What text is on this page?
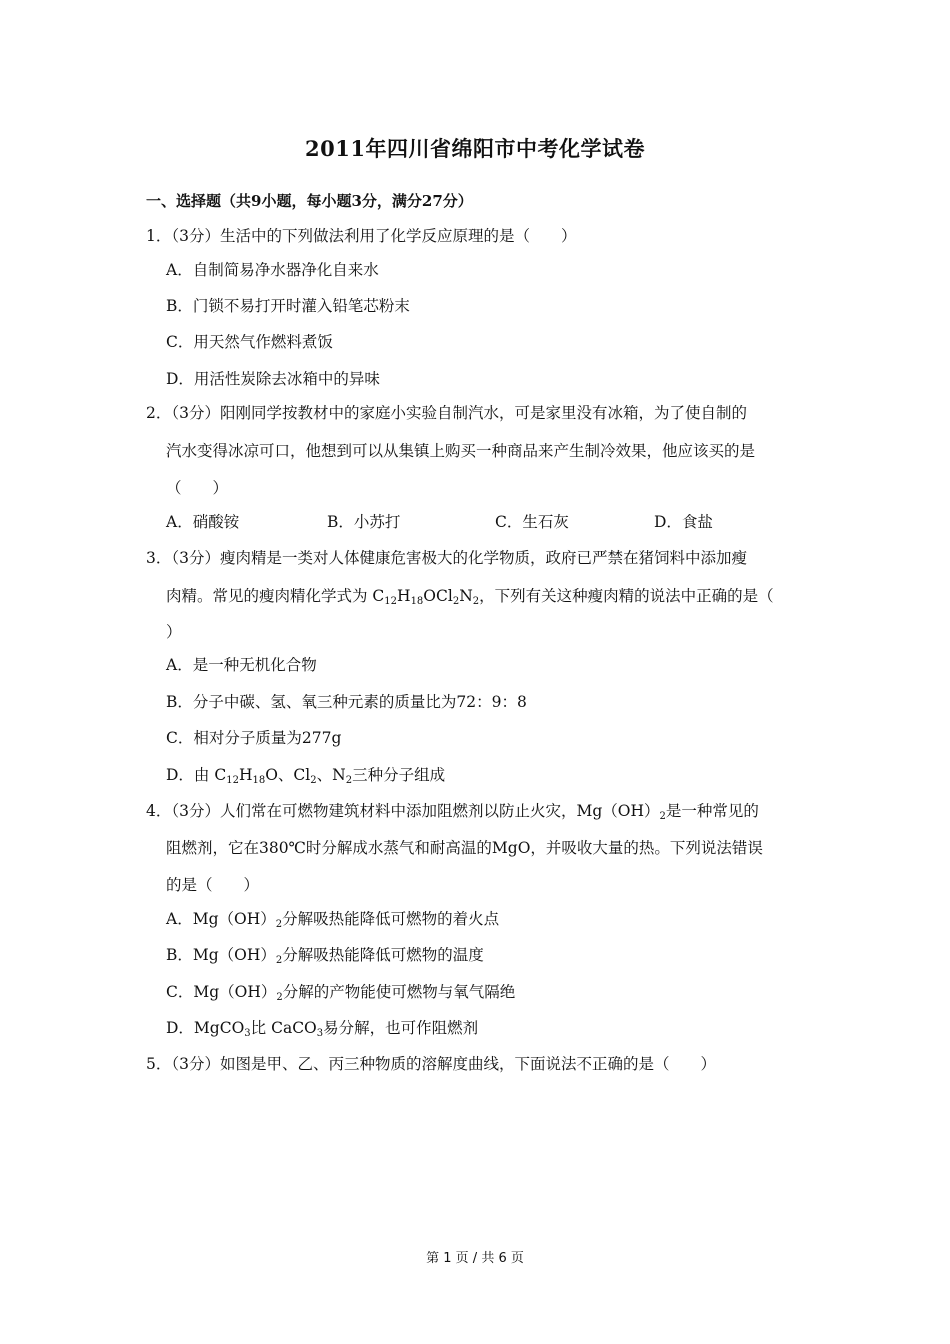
2011年四川省绵阳市中考化学试卷
一、选择题（共9小题，每小题3分，满分27分）
1．（3分）生活中的下列做法利用了化学反应原理的是（　　）
A．自制简易净水器净化自来水
B．门锁不易打开时灌入铅笔芯粉末
C．用天然气作燃料煮饭
D．用活性炭除去冰箱中的异味
2．（3分）阳刚同学按教材中的家庭小实验自制汽水，可是家里没有冰箱，为了使自制的
汽水变得冰凉可口，他想到可以从集镇上购买一种商品来产生制冷效果，他应该买的是
（　　）
A．硝酸铵	B．小苏打	C．生石灰	D．食盐
3．（3分）瘦肉精是一类对人体健康危害极大的化学物质，政府已严禁在猪饲料中添加瘦
肉精。常见的瘦肉精化学式为 $C_{12}H_{18}OCl_2N_2$，下列有关这种瘦肉精的说法中正确的是（
）
A．是一种无机化合物
B．分子中碳、氢、氧三种元素的质量比为72：9：8
C．相对分子质量为277g
D．由 $C_{12}H_{18}O$、$Cl_2$、$N_2$三种分子组成
4．（3分）人们常在可燃物建筑材料中添加阻燃剂以防止火灾，$Mg(OH)_2$是一种常见的
阻燃剂，它在380℃时分解成水蒸气和耐高温的MgO，并吸收大量的热。下列说法错误
的是（　　）
A．$Mg(OH)_2$分解吸热能降低可燃物的着火点
B．$Mg(OH)_2$分解吸热能降低可燃物的温度
C．$Mg(OH)_2$分解的产物能使可燃物与氧气隔绝
D．MgCO$_3$比 CaCO$_3$易分解，也可作阻燃剂
5．（3分）如图是甲、乙、丙三种物质的溶解度曲线，下面说法不正确的是（　　）
第 1 页 / 共 6 页
